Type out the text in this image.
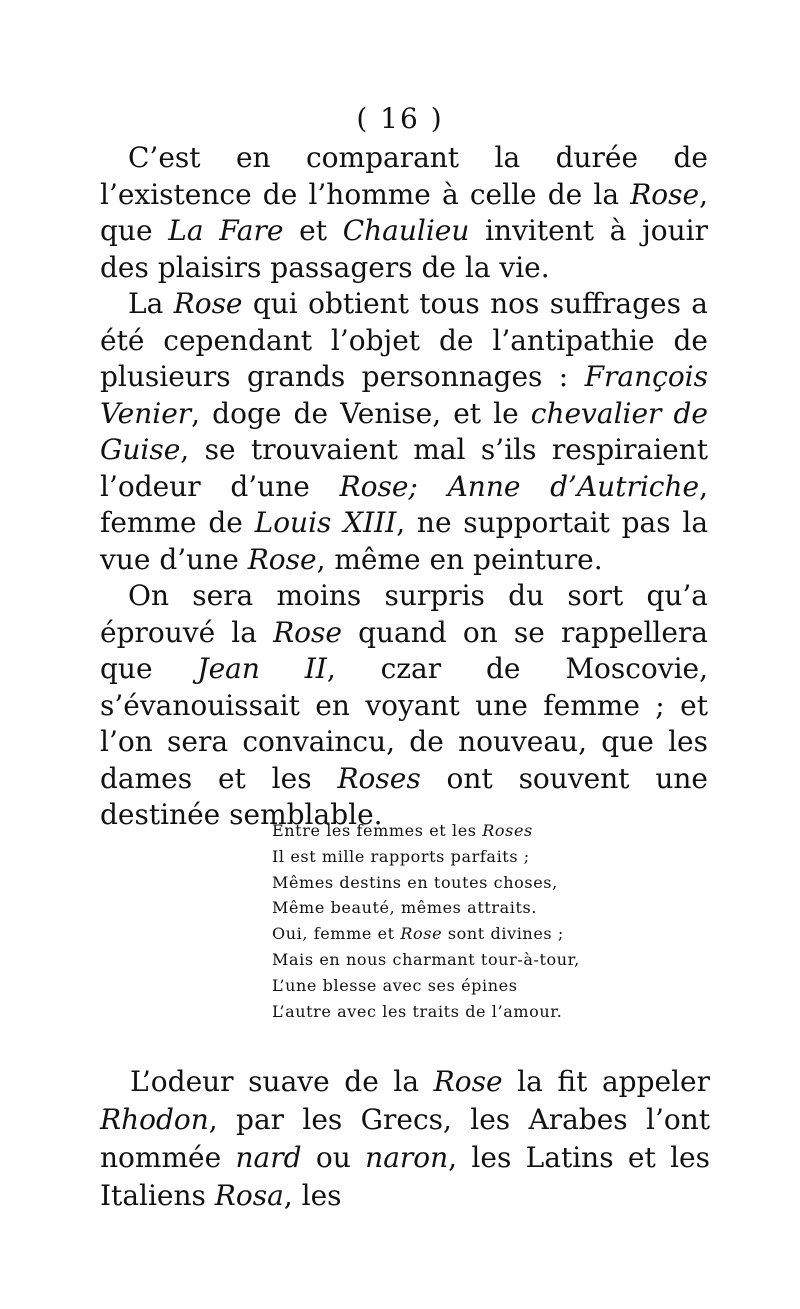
( 16 )

C’est en comparant la durée de l’existence de l’homme à celle de la Rose, que La Fare et Chaulieu invitent à jouir des plaisirs passagers de la vie.

La Rose qui obtient tous nos suffrages a été cependant l’objet de l’antipathie de plusieurs grands personnages : François Venier, doge de Venise, et le chevalier de Guise, se trouvaient mal s’ils respiraient l’odeur d’une Rose; Anne d’Autriche, femme de Louis XIII, ne supportait pas la vue d’une Rose, même en peinture.

On sera moins surpris du sort qu’a éprouvé la Rose quand on se rappellera que Jean II, czar de Moscovie, s’évanouissait en voyant une femme ; et l’on sera convaincu, de nouveau, que les dames et les Roses ont souvent une destinée semblable.

Entre les femmes et les Roses
Il est mille rapports parfaits ;
Mêmes destins en toutes choses,
Même beauté, mêmes attraits.
Oui, femme et Rose sont divines ;
Mais en nous charmant tour-à-tour,
L’une blesse avec ses épines
L’autre avec les traits de l’amour.

L’odeur suave de la Rose la fit appeler Rhodon, par les Grecs, les Arabes l’ont nommée nard ou naron, les Latins et les Italiens Rosa, les
